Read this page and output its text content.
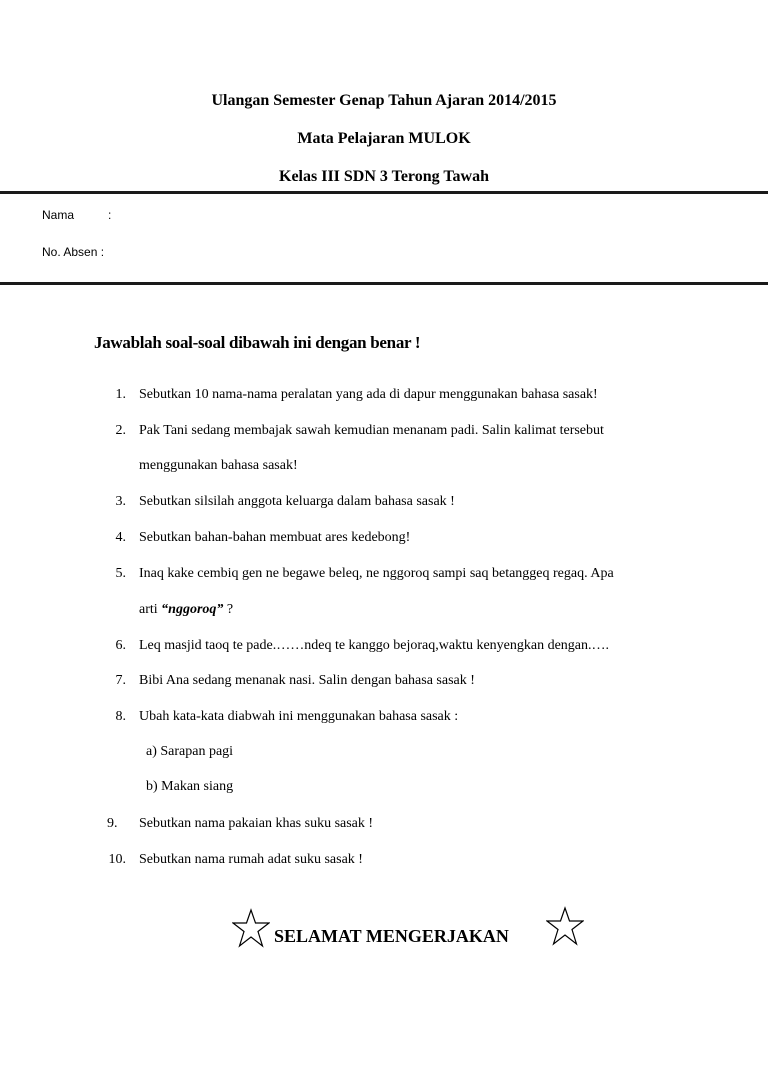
Ulangan Semester Genap Tahun Ajaran 2014/2015
Mata Pelajaran MULOK
Kelas III SDN 3 Terong Tawah
Nama	:
No. Absen :
Jawablah soal-soal dibawah ini dengan benar !
1. Sebutkan 10 nama-nama peralatan yang ada di dapur menggunakan bahasa sasak!
2. Pak Tani sedang membajak sawah kemudian menanam padi. Salin kalimat tersebut
menggunakan bahasa sasak!
3. Sebutkan silsilah anggota keluarga dalam bahasa sasak !
4. Sebutkan bahan-bahan membuat ares kedebong!
5. Inaq kake cembiq gen ne begawe beleq, ne nggoroq sampi saq betanggeq regaq. Apa
arti “nggoroq” ?
6. Leq masjid taoq te pade.……ndeq te kanggo bejoraq,waktu kenyengkan dengan.….
7. Bibi Ana sedang menanak nasi. Salin dengan bahasa sasak !
8. Ubah kata-kata diabwah ini menggunakan bahasa sasak :
a) Sarapan pagi
b) Makan siang
9. Sebutkan nama pakaian khas suku sasak !
10. Sebutkan nama rumah adat suku sasak !
SELAMAT MENGERJAKAN
